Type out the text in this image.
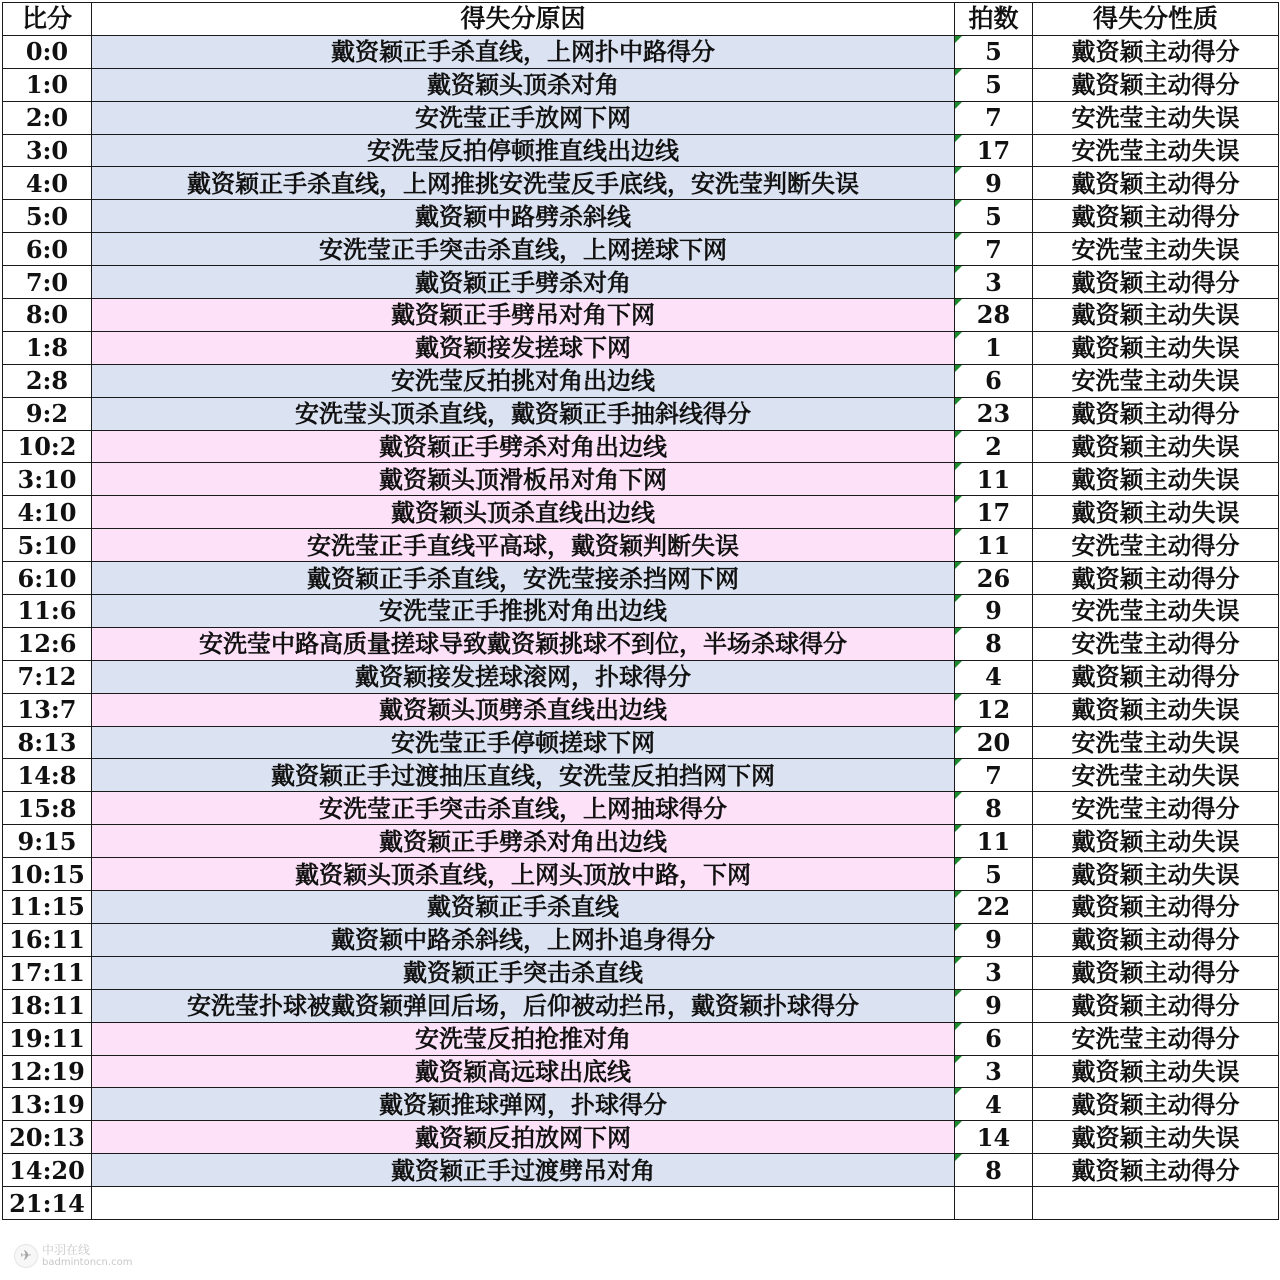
比分	得失分原因	拍数	得失分性质
0:0	戴资颖正手杀直线，上网扑中路得分	5	戴资颖主动得分
1:0	戴资颖头顶杀对角	5	戴资颖主动得分
2:0	安洗莹正手放网下网	7	安洗莹主动失误
3:0	安洗莹反拍停顿推直线出边线	17	安洗莹主动失误
4:0	戴资颖正手杀直线，上网推挑安洗莹反手底线，安洗莹判断失误	9	戴资颖主动得分
5:0	戴资颖中路劈杀斜线	5	戴资颖主动得分
6:0	安洗莹正手突击杀直线，上网搓球下网	7	安洗莹主动失误
7:0	戴资颖正手劈杀对角	3	戴资颖主动得分
8:0	戴资颖正手劈吊对角下网	28	戴资颖主动失误
1:8	戴资颖接发搓球下网	1	戴资颖主动失误
2:8	安洗莹反拍挑对角出边线	6	安洗莹主动失误
9:2	安洗莹头顶杀直线，戴资颖正手抽斜线得分	23	戴资颖主动得分
10:2	戴资颖正手劈杀对角出边线	2	戴资颖主动失误
3:10	戴资颖头顶滑板吊对角下网	11	戴资颖主动失误
4:10	戴资颖头顶杀直线出边线	17	戴资颖主动失误
5:10	安洗莹正手直线平高球，戴资颖判断失误	11	安洗莹主动得分
6:10	戴资颖正手杀直线，安洗莹接杀挡网下网	26	戴资颖主动得分
11:6	安洗莹正手推挑对角出边线	9	安洗莹主动失误
12:6	安洗莹中路高质量搓球导致戴资颖挑球不到位，半场杀球得分	8	安洗莹主动得分
7:12	戴资颖接发搓球滚网，扑球得分	4	戴资颖主动得分
13:7	戴资颖头顶劈杀直线出边线	12	戴资颖主动失误
8:13	安洗莹正手停顿搓球下网	20	安洗莹主动失误
14:8	戴资颖正手过渡抽压直线，安洗莹反拍挡网下网	7	安洗莹主动失误
15:8	安洗莹正手突击杀直线，上网抽球得分	8	安洗莹主动得分
9:15	戴资颖正手劈杀对角出边线	11	戴资颖主动失误
10:15	戴资颖头顶杀直线，上网头顶放中路，下网	5	戴资颖主动失误
11:15	戴资颖正手杀直线	22	戴资颖主动得分
16:11	戴资颖中路杀斜线，上网扑追身得分	9	戴资颖主动得分
17:11	戴资颖正手突击杀直线	3	戴资颖主动得分
18:11	安洗莹扑球被戴资颖弹回后场，后仰被动拦吊，戴资颖扑球得分	9	戴资颖主动得分
19:11	安洗莹反拍抢推对角	6	安洗莹主动得分
12:19	戴资颖高远球出底线	3	戴资颖主动失误
13:19	戴资颖推球弹网，扑球得分	4	戴资颖主动得分
20:13	戴资颖反拍放网下网	14	戴资颖主动失误
14:20	戴资颖正手过渡劈吊对角	8	戴资颖主动得分
21:14			
✈ 中羽在线
badmintoncn.com
